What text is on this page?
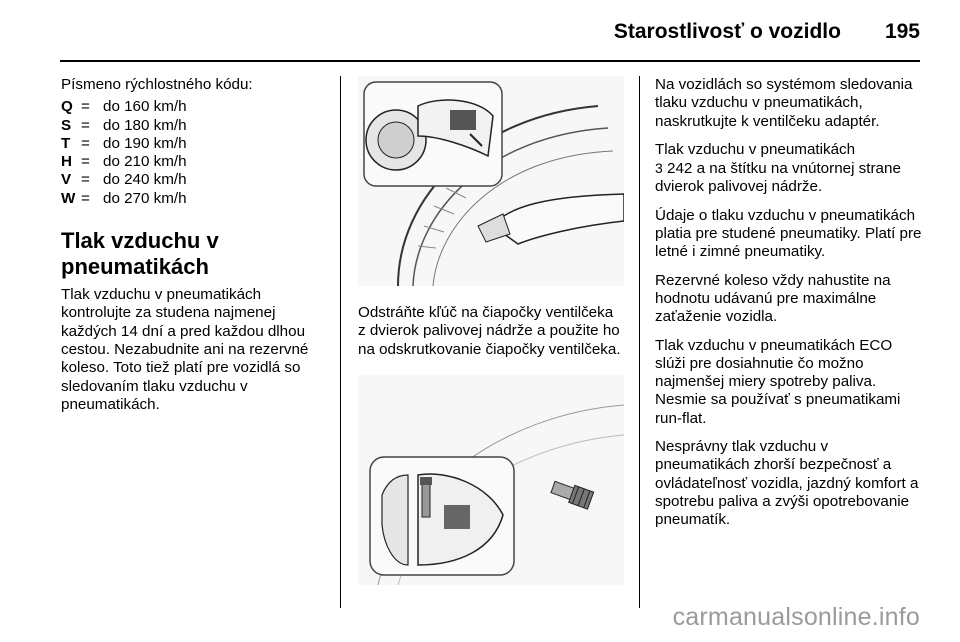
Starostlivosť o vozidlo 195

Písmeno rýchlostného kódu:

Q	=	do 160 km/h
S	=	do 180 km/h
T	=	do 190 km/h
H	=	do 210 km/h
V	=	do 240 km/h
W	=	do 270 km/h
Tlak vzduchu v pneumatikách

Tlak vzduchu v pneumatikách kontrolujte za studena najmenej každých 14 dní a pred každou dlhou cestou. Nezabudnite ani na rezervné koleso. Toto tiež platí pre vozidlá so sledovaním tlaku vzduchu v pneumatikách.

Odstráňte kľúč na čiapočky ventilčeka z dvierok palivovej nádrže a použite ho na odskrutkovanie čiapočky ventilčeka.

Na vozidlách so systémom sledovania tlaku vzduchu v pneumatikách, naskrutkujte k ventilčeku adaptér.

Tlak vzduchu v pneumatikách
3 242 a na štítku na vnútornej strane dvierok palivovej nádrže.

Údaje o tlaku vzduchu v pneumatikách platia pre studené pneumatiky. Platí pre letné i zimné pneumatiky.

Rezervné koleso vždy nahustite na hodnotu udávanú pre maximálne zaťaženie vozidla.

Tlak vzduchu v pneumatikách ECO slúži pre dosiahnutie čo možno najmenšej miery spotreby paliva. Nesmie sa používať s pneumatikami run-flat.

Nesprávny tlak vzduchu v pneumatikách zhorší bezpečnosť a ovládateľnosť vozidla, jazdný komfort a spotrebu paliva a zvýši opotrebovanie pneumatík.

carmanualsonline.info
